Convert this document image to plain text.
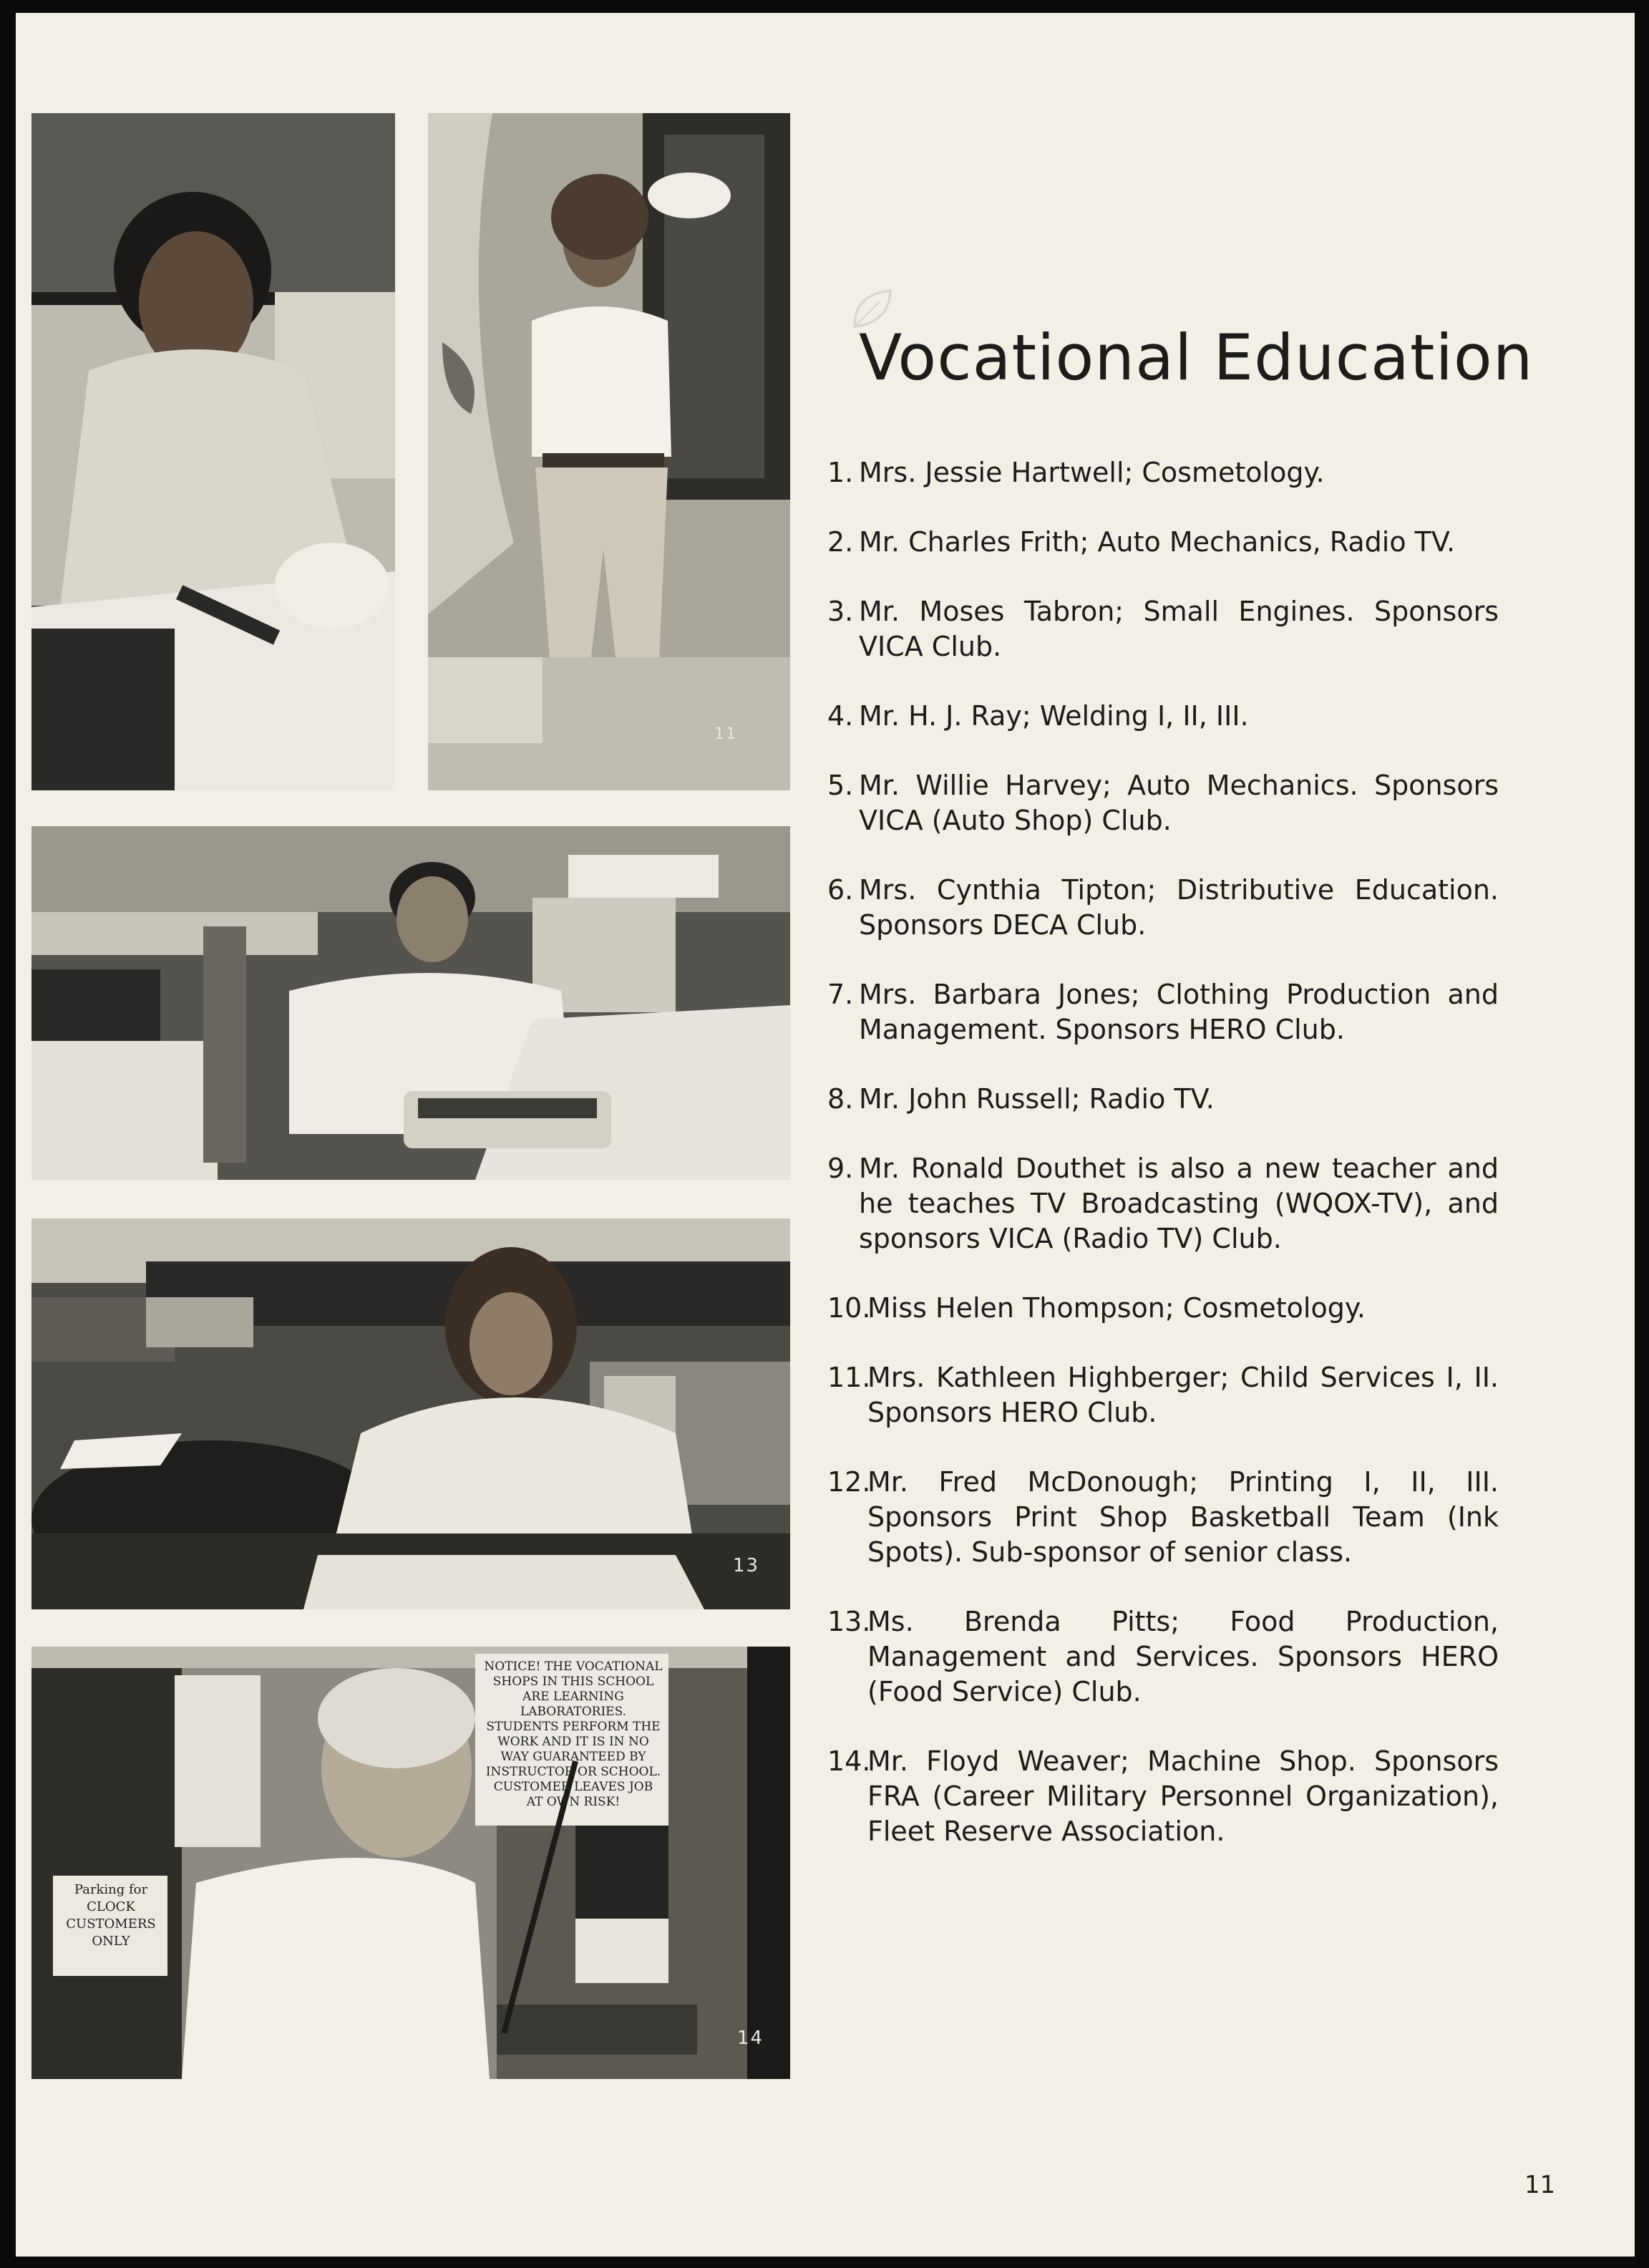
11
13
NOTICE! THE VOCATIONAL SHOPS IN THIS SCHOOL ARE LEARNING LABORATORIES. STUDENTS PERFORM THE WORK AND IT IS IN NO WAY GUARANTEED BY INSTRUCTOR OR SCHOOL. CUSTOMER LEAVES JOB AT OWN RISK!
Parking for CLOCK CUSTOMERS ONLY
14
Vocational Education
1. Mrs. Jessie Hartwell; Cosmetology.
2. Mr. Charles Frith; Auto Mechanics, Radio TV.
3. Mr. Moses Tabron; Small Engines. Sponsors VICA Club.
4. Mr. H. J. Ray; Welding I, II, III.
5. Mr. Willie Harvey; Auto Mechanics. Sponsors VICA (Auto Shop) Club.
6. Mrs. Cynthia Tipton; Distributive Education. Sponsors DECA Club.
7. Mrs. Barbara Jones; Clothing Production and Management. Sponsors HERO Club.
8. Mr. John Russell; Radio TV.
9. Mr. Ronald Douthet is also a new teacher and he teaches TV Broadcasting (WQOX-TV), and sponsors VICA (Radio TV) Club.
10.
Miss Helen Thompson; Cosmetology.
11.
Mrs. Kathleen Highberger; Child Services I, II. Sponsors HERO Club.
12.
Mr. Fred McDonough; Printing I, II, III. Sponsors Print Shop Basketball Team (Ink Spots). Sub-sponsor of senior class.
13.
Ms. Brenda Pitts; Food Production, Management and Services. Sponsors HERO (Food Service) Club.
14.
Mr. Floyd Weaver; Machine Shop. Sponsors FRA (Career Military Personnel Organization), Fleet Reserve Association.
11
